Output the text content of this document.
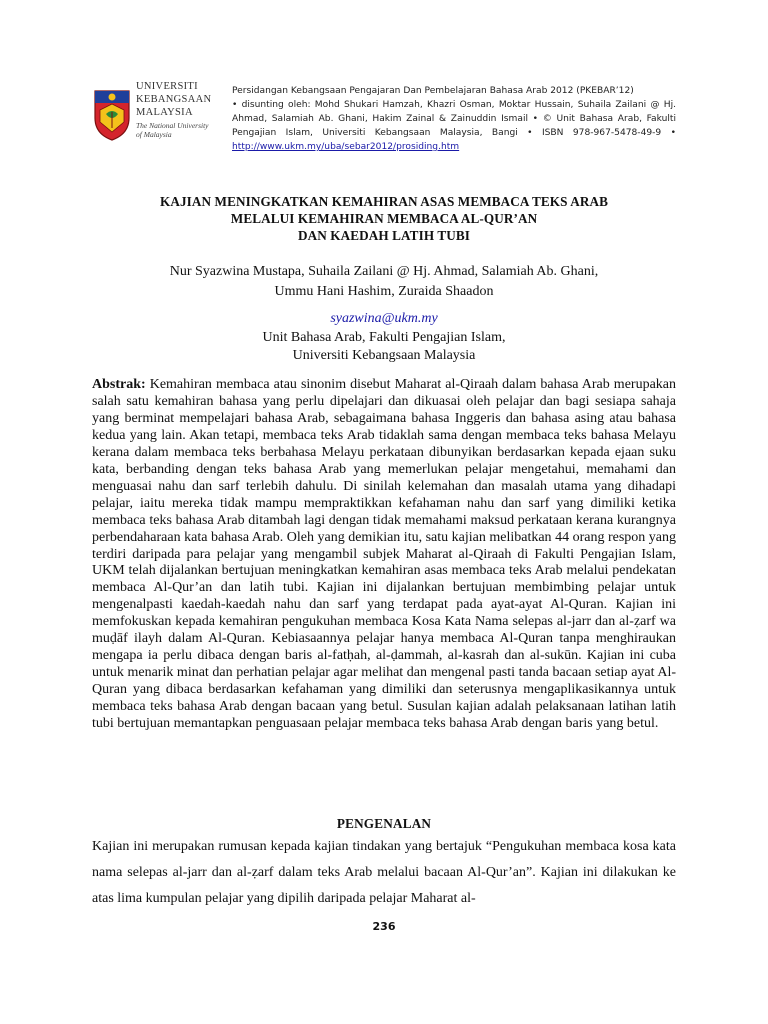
UNIVERSITI
KEBANGSAAN
MALAYSIA
The National University
of Malaysia
Persidangan Kebangsaan Pengajaran Dan Pembelajaran Bahasa Arab 2012 (PKEBAR’12)
• disunting oleh: Mohd Shukari Hamzah, Khazri Osman, Moktar Hussain, Suhaila Zailani @ Hj. Ahmad, Salamiah Ab. Ghani, Hakim Zainal & Zainuddin Ismail • © Unit Bahasa Arab, Fakulti Pengajian Islam, Universiti Kebangsaan Malaysia, Bangi • ISBN 978-967-5478-49-9 • http://www.ukm.my/uba/sebar2012/prosiding.htm
KAJIAN MENINGKATKAN KEMAHIRAN ASAS MEMBACA TEKS ARAB
MELALUI KEMAHIRAN MEMBACA AL-QUR’AN
DAN KAEDAH LATIH TUBI
Nur Syazwina Mustapa, Suhaila Zailani @ Hj. Ahmad, Salamiah Ab. Ghani,
Ummu Hani Hashim, Zuraida Shaadon
syazwina@ukm.my
Unit Bahasa Arab, Fakulti Pengajian Islam,
Universiti Kebangsaan Malaysia
Abstrak: Kemahiran membaca atau sinonim disebut Maharat al-Qiraah dalam bahasa Arab merupakan salah satu kemahiran bahasa yang perlu dipelajari dan dikuasai oleh pelajar dan bagi sesiapa sahaja yang berminat mempelajari bahasa Arab, sebagaimana bahasa Inggeris dan bahasa asing atau bahasa kedua yang lain. Akan tetapi, membaca teks Arab tidaklah sama dengan membaca teks bahasa Melayu kerana dalam membaca teks berbahasa Melayu perkataan dibunyikan berdasarkan kepada ejaan suku kata, berbanding dengan teks bahasa Arab yang memerlukan pelajar mengetahui, memahami dan menguasai nahu dan sarf terlebih dahulu. Di sinilah kelemahan dan masalah utama yang dihadapi pelajar, iaitu mereka tidak mampu mempraktikkan kefahaman nahu dan sarf yang dimiliki ketika membaca teks bahasa Arab ditambah lagi dengan tidak memahami maksud perkataan kerana kurangnya perbendaharaan kata bahasa Arab. Oleh yang demikian itu, satu kajian melibatkan 44 orang respon yang terdiri daripada para pelajar yang mengambil subjek Maharat al-Qiraah di Fakulti Pengajian Islam, UKM telah dijalankan bertujuan meningkatkan kemahiran asas membaca teks Arab melalui pendekatan membaca Al-Qur’an dan latih tubi. Kajian ini dijalankan bertujuan membimbing pelajar untuk mengenalpasti kaedah-kaedah nahu dan sarf yang terdapat pada ayat-ayat Al-Quran. Kajian ini memfokuskan kepada kemahiran pengukuhan membaca Kosa Kata Nama selepas al-jarr dan al-ẓarf wa muḍāf ilayh dalam Al-Quran. Kebiasaannya pelajar hanya membaca Al-Quran tanpa menghiraukan mengapa ia perlu dibaca dengan baris al-fatḥah, al-ḍammah, al-kasrah dan al-sukūn. Kajian ini cuba untuk menarik minat dan perhatian pelajar agar melihat dan mengenal pasti tanda bacaan setiap ayat Al-Quran yang dibaca berdasarkan kefahaman yang dimiliki dan seterusnya mengaplikasikannya untuk membaca teks bahasa Arab dengan bacaan yang betul. Susulan kajian adalah pelaksanaan latihan latih tubi bertujuan memantapkan penguasaan pelajar membaca teks bahasa Arab dengan baris yang betul.
PENGENALAN
Kajian ini merupakan rumusan kepada kajian tindakan yang bertajuk “Pengukuhan membaca kosa kata nama selepas al-jarr dan al-ẓarf dalam teks Arab melalui bacaan Al-Qur’an”. Kajian ini dilakukan ke atas lima kumpulan pelajar yang dipilih daripada pelajar Maharat al-
236
